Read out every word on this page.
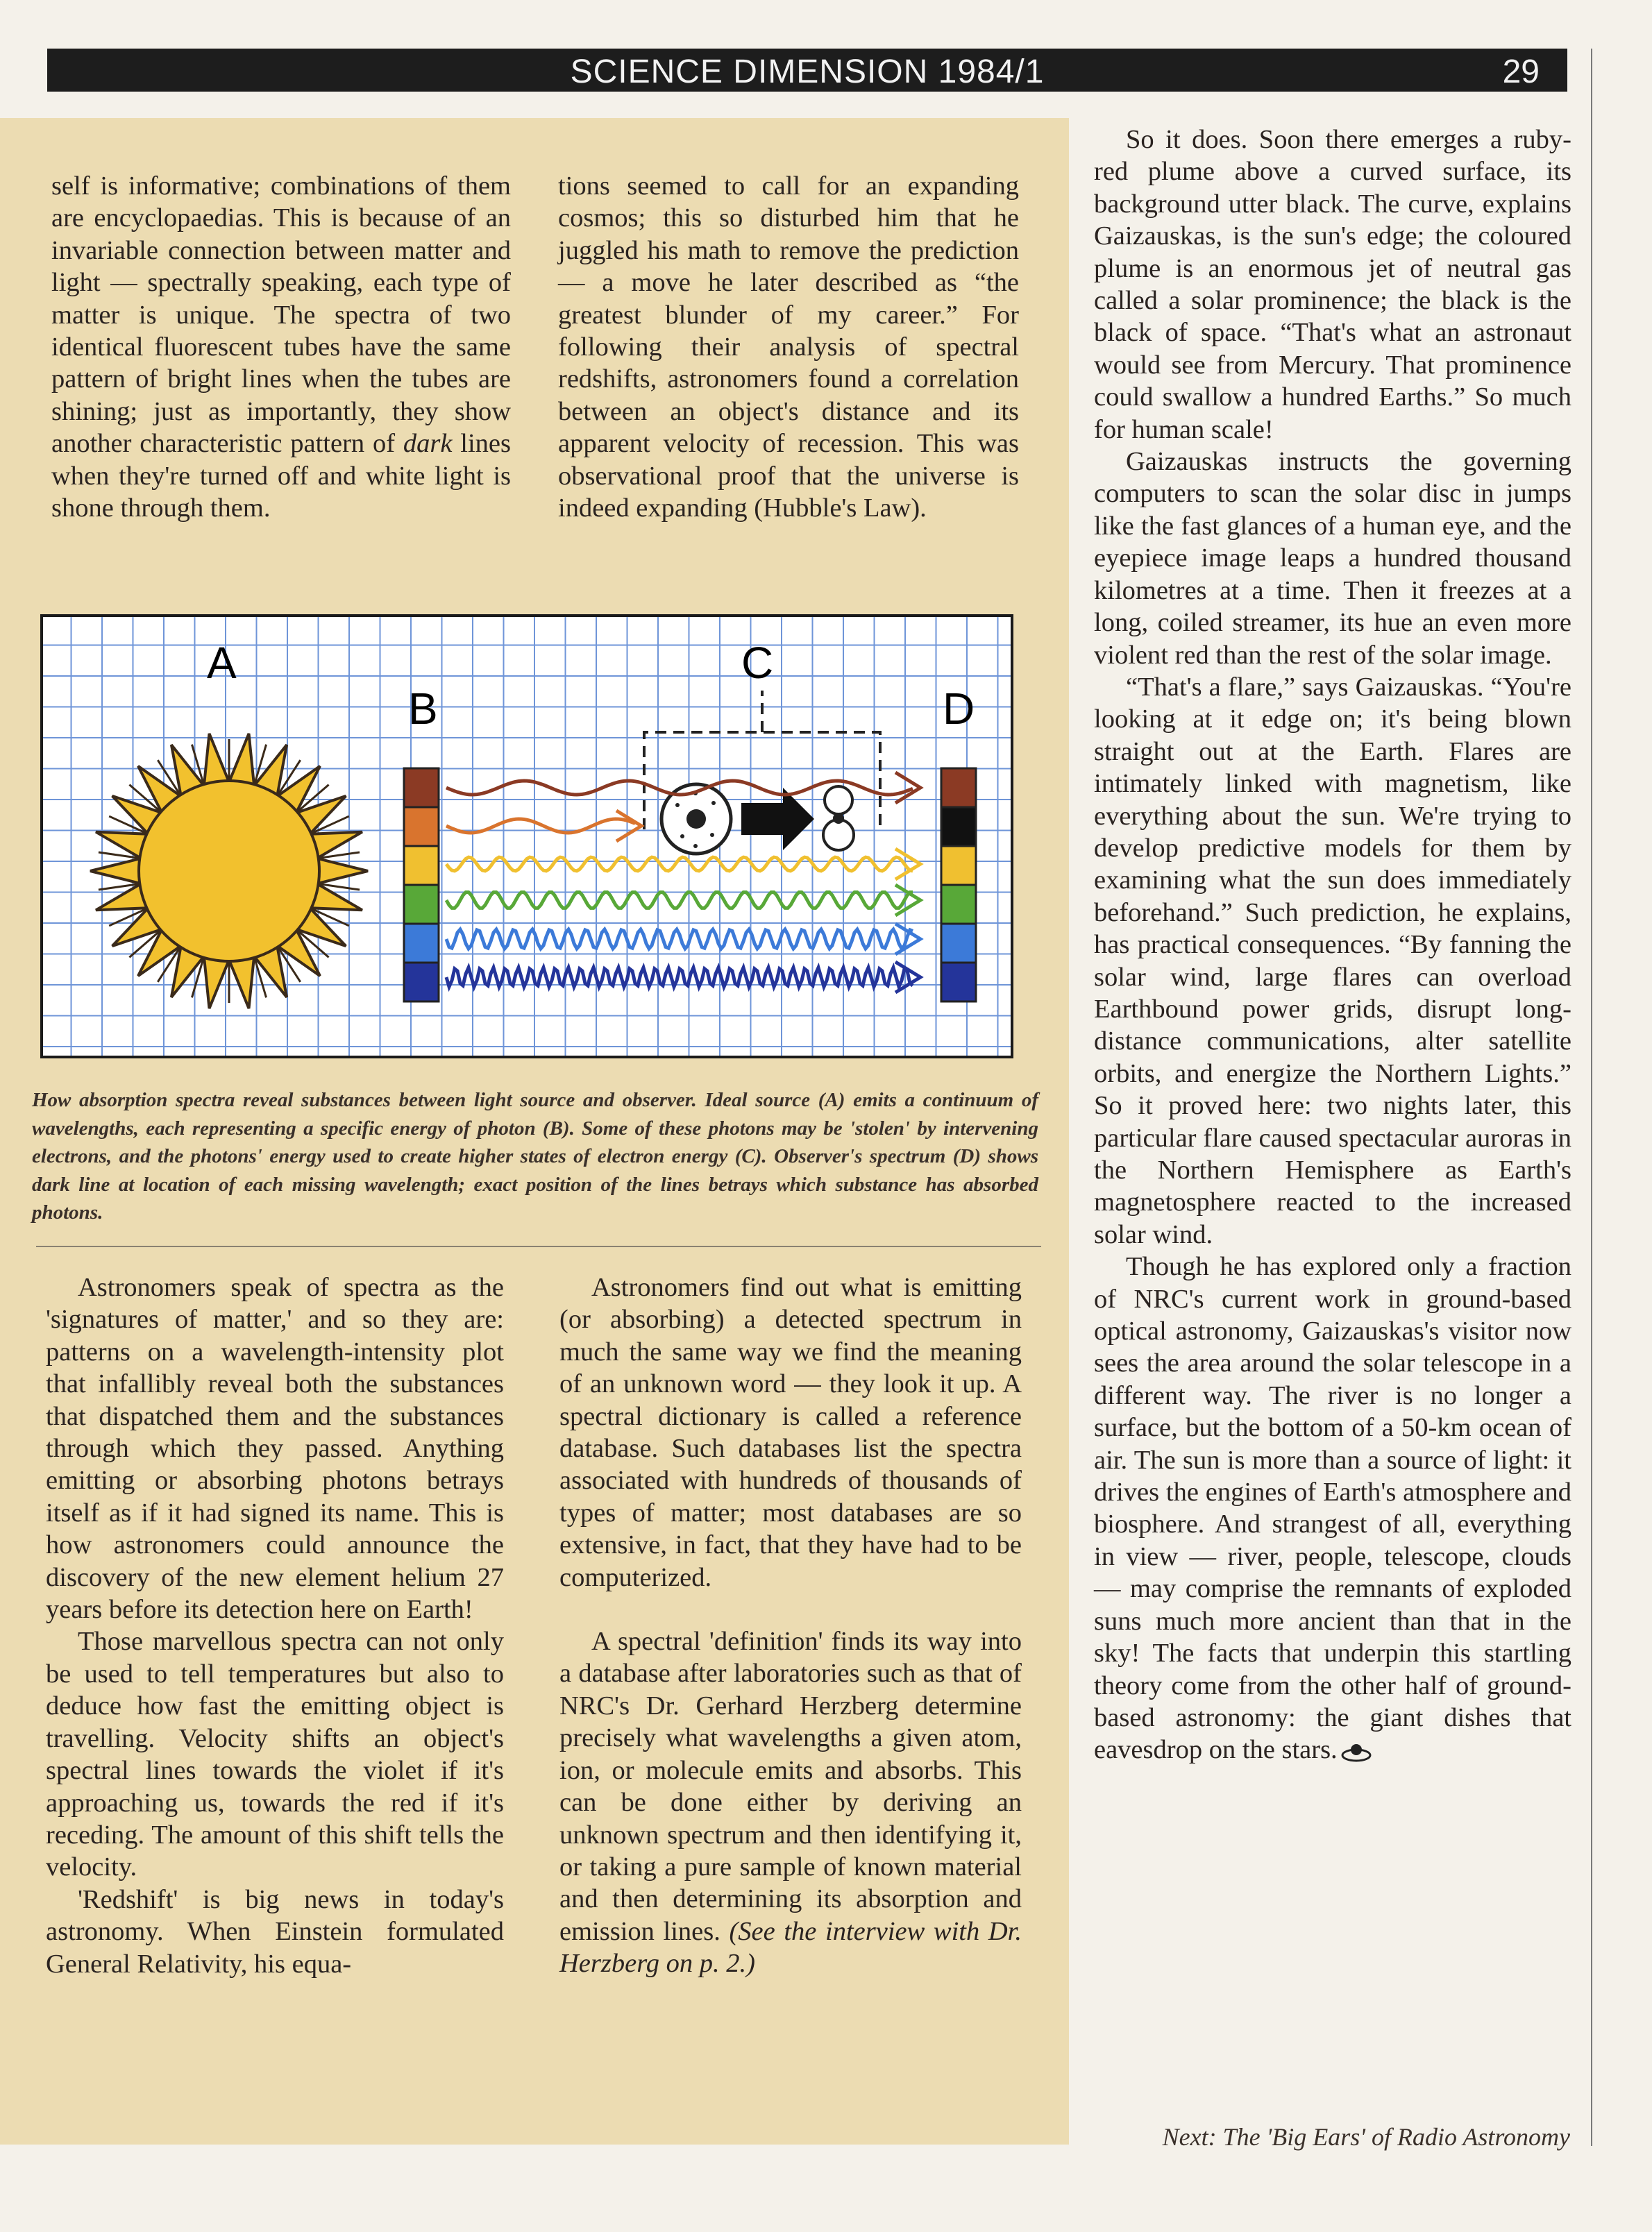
SCIENCE DIMENSION 1984/1	29

self is informative; combinations of them are encyclopaedias. This is because of an invariable connection between matter and light — spectrally speaking, each type of matter is unique. The spectra of two identical fluorescent tubes have the same pattern of bright lines when the tubes are shining; just as importantly, they show another characteristic pattern of dark lines when they're turned off and white light is shone through them.

tions seemed to call for an expanding cosmos; this so disturbed him that he juggled his math to remove the prediction — a move he later described as “the greatest blunder of my career.” For following their analysis of spectral redshifts, astronomers found a correlation between an object's distance and its apparent velocity of recession. This was observational proof that the universe is indeed expanding (Hubble's Law).

A
B
C
D
How absorption spectra reveal substances between light source and observer. Ideal source (A) emits a continuum of wavelengths, each representing a specific energy of photon (B). Some of these photons may be 'stolen' by intervening electrons, and the photons' energy used to create higher states of electron energy (C). Observer's spectrum (D) shows dark line at location of each missing wavelength; exact position of the lines betrays which substance has absorbed photons.

Astronomers speak of spectra as the 'signatures of matter,' and so they are: patterns on a wavelength-intensity plot that infallibly reveal both the substances that dispatched them and the substances through which they passed. Anything emitting or absorbing photons betrays itself as if it had signed its name. This is how astronomers could announce the discovery of the new element helium 27 years before its detection here on Earth!

Those marvellous spectra can not only be used to tell temperatures but also to deduce how fast the emitting object is travelling. Velocity shifts an object's spectral lines towards the violet if it's approaching us, towards the red if it's receding. The amount of this shift tells the velocity.

'Redshift' is big news in today's astronomy. When Einstein formulated General Relativity, his equa-

Astronomers find out what is emitting (or absorbing) a detected spectrum in much the same way we find the meaning of an unknown word — they look it up. A spectral dictionary is called a reference database. Such databases list the spectra associated with hundreds of thousands of types of matter; most databases are so extensive, in fact, that they have had to be computerized.

A spectral 'definition' finds its way into a database after laboratories such as that of NRC's Dr. Gerhard Herzberg determine precisely what wavelengths a given atom, ion, or molecule emits and absorbs. This can be done either by deriving an unknown spectrum and then identifying it, or taking a pure sample of known material and then determining its absorption and emission lines. (See the interview with Dr. Herzberg on p. 2.)

So it does. Soon there emerges a ruby-red plume above a curved surface, its background utter black. The curve, explains Gaizauskas, is the sun's edge; the coloured plume is an enormous jet of neutral gas called a solar prominence; the black is the black of space. “That's what an astronaut would see from Mercury. That prominence could swallow a hundred Earths.” So much for human scale!

Gaizauskas instructs the governing computers to scan the solar disc in jumps like the fast glances of a human eye, and the eyepiece image leaps a hundred thousand kilometres at a time. Then it freezes at a long, coiled streamer, its hue an even more violent red than the rest of the solar image.

“That's a flare,” says Gaizauskas. “You're looking at it edge on; it's being blown straight out at the Earth. Flares are intimately linked with magnetism, like everything about the sun. We're trying to develop predictive models for them by examining what the sun does immediately beforehand.” Such prediction, he explains, has practical consequences. “By fanning the solar wind, large flares can overload Earthbound power grids, disrupt long-distance communications, alter satellite orbits, and energize the Northern Lights.” So it proved here: two nights later, this particular flare caused spectacular auroras in the Northern Hemisphere as Earth's magnetosphere reacted to the increased solar wind.

Though he has explored only a fraction of NRC's current work in ground-based optical astronomy, Gaizauskas's visitor now sees the area around the solar telescope in a different way. The river is no longer a surface, but the bottom of a 50-km ocean of air. The sun is more than a source of light: it drives the engines of Earth's atmosphere and biosphere. And strangest of all, everything in view — river, people, telescope, clouds — may comprise the remnants of exploded suns much more ancient than that in the sky! The facts that underpin this startling theory come from the other half of ground-based astronomy: the giant dishes that eavesdrop on the stars.

Next: The 'Big Ears' of Radio Astronomy
